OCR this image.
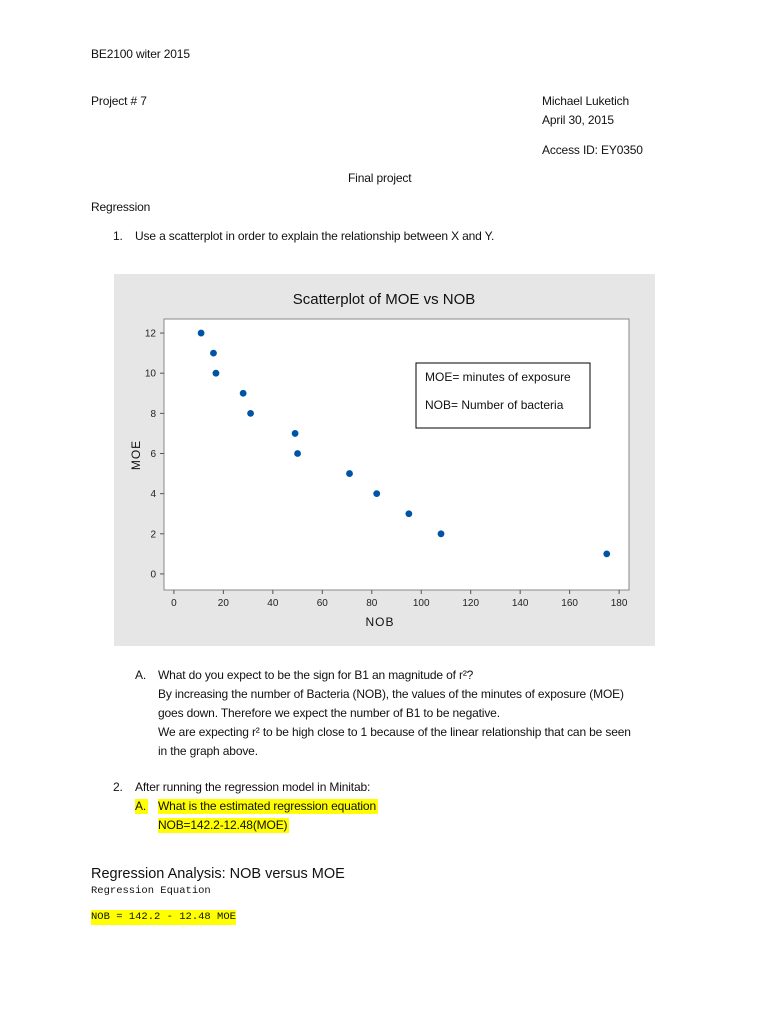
BE2100 witer 2015
Project # 7	Michael Luketich
April 30, 2015
Access ID: EY0350
Final project
Regression
1. Use a scatterplot in order to explain the relationship between X and Y.
Scatterplot of MOE vs NOB
0	20	40	60	80	100	120	140	160	180
0
2
4
6
8
10
12
NOB
MOE
MOE= minutes of exposure
NOB= Number of bacteria
A. What do you expect to be the sign for B1 an magnitude of r²?
By increasing the number of Bacteria (NOB), the values of the minutes of exposure (MOE)
goes down. Therefore we expect the number of B1 to be negative.
We are expecting r² to be high close to 1 because of the linear relationship that can be seen
in the graph above.
2. After running the regression model in Minitab:
A. What is the estimated regression equation
NOB=142.2-12.48(MOE)
Regression Analysis: NOB versus MOE
Regression Equation
NOB = 142.2 - 12.48 MOE
